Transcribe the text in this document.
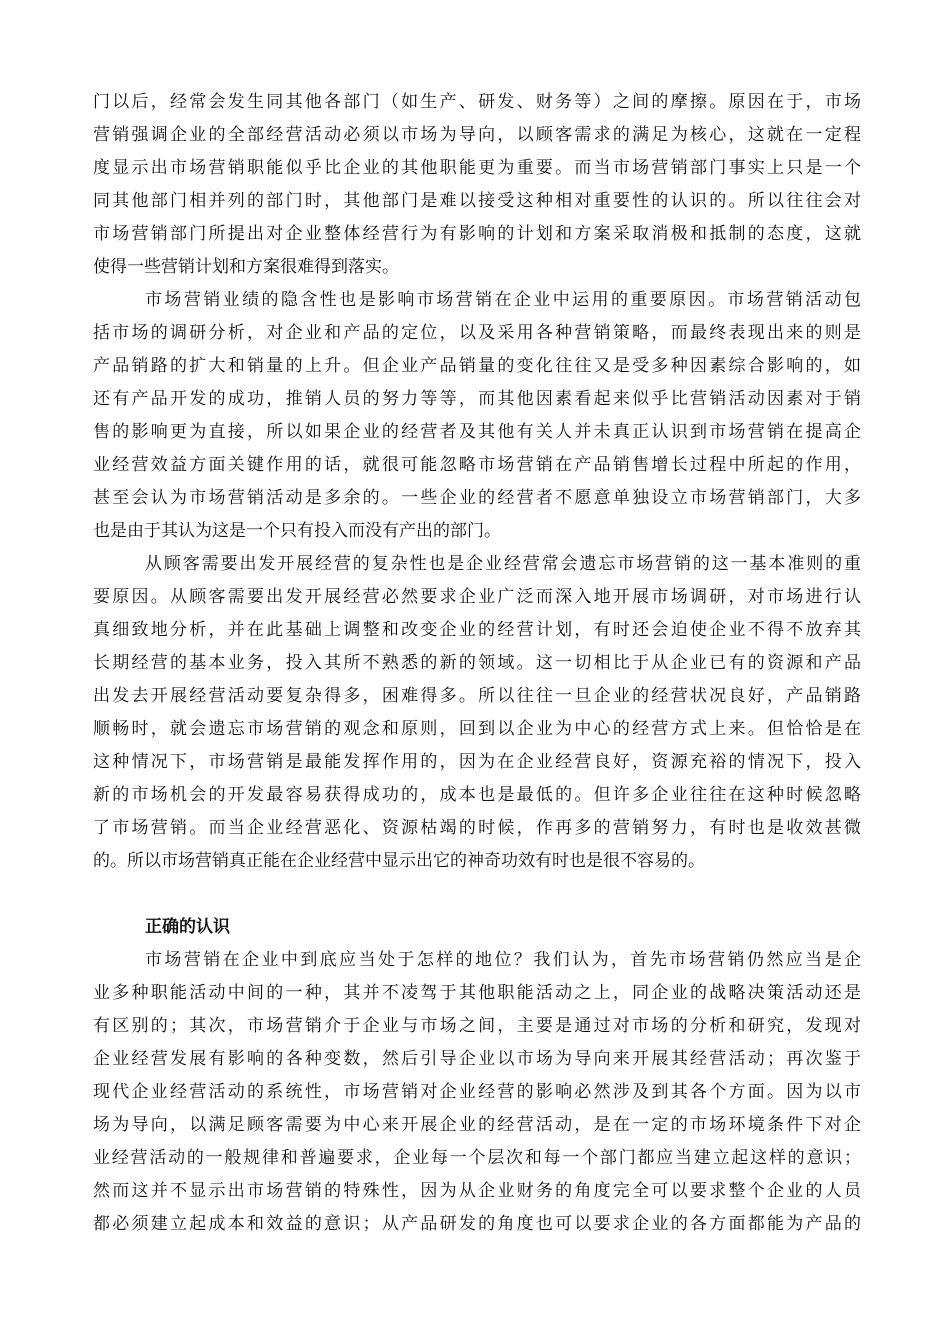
门以后，经常会发生同其他各部门（如生产、研发、财务等）之间的摩擦。原因在于，市场
营销强调企业的全部经营活动必须以市场为导向，以顾客需求的满足为核心，这就在一定程
度显示出市场营销职能似乎比企业的其他职能更为重要。而当市场营销部门事实上只是一个
同其他部门相并列的部门时，其他部门是难以接受这种相对重要性的认识的。所以往往会对
市场营销部门所提出对企业整体经营行为有影响的计划和方案采取消极和抵制的态度，这就
使得一些营销计划和方案很难得到落实。
市场营销业绩的隐含性也是影响市场营销在企业中运用的重要原因。市场营销活动包
括市场的调研分析，对企业和产品的定位，以及采用各种营销策略，而最终表现出来的则是
产品销路的扩大和销量的上升。但企业产品销量的变化往往又是受多种因素综合影响的，如
还有产品开发的成功，推销人员的努力等等，而其他因素看起来似乎比营销活动因素对于销
售的影响更为直接，所以如果企业的经营者及其他有关人并未真正认识到市场营销在提高企
业经营效益方面关键作用的话，就很可能忽略市场营销在产品销售增长过程中所起的作用，
甚至会认为市场营销活动是多余的。一些企业的经营者不愿意单独设立市场营销部门，大多
也是由于其认为这是一个只有投入而没有产出的部门。
从顾客需要出发开展经营的复杂性也是企业经营常会遗忘市场营销的这一基本准则的重
要原因。从顾客需要出发开展经营必然要求企业广泛而深入地开展市场调研，对市场进行认
真细致地分析，并在此基础上调整和改变企业的经营计划，有时还会迫使企业不得不放弃其
长期经营的基本业务，投入其所不熟悉的新的领域。这一切相比于从企业已有的资源和产品
出发去开展经营活动要复杂得多，困难得多。所以往往一旦企业的经营状况良好，产品销路
顺畅时，就会遗忘市场营销的观念和原则，回到以企业为中心的经营方式上来。但恰恰是在
这种情况下，市场营销是最能发挥作用的，因为在企业经营良好，资源充裕的情况下，投入
新的市场机会的开发最容易获得成功的，成本也是最低的。但许多企业往往在这种时候忽略
了市场营销。而当企业经营恶化、资源枯竭的时候，作再多的营销努力，有时也是收效甚微
的。所以市场营销真正能在企业经营中显示出它的神奇功效有时也是很不容易的。
正确的认识
市场营销在企业中到底应当处于怎样的地位？我们认为，首先市场营销仍然应当是企
业多种职能活动中间的一种，其并不凌驾于其他职能活动之上，同企业的战略决策活动还是
有区别的；其次，市场营销介于企业与市场之间，主要是通过对市场的分析和研究，发现对
企业经营发展有影响的各种变数，然后引导企业以市场为导向来开展其经营活动；再次鉴于
现代企业经营活动的系统性，市场营销对企业经营的影响必然涉及到其各个方面。因为以市
场为导向，以满足顾客需要为中心来开展企业的经营活动，是在一定的市场环境条件下对企
业经营活动的一般规律和普遍要求，企业每一个层次和每一个部门都应当建立起这样的意识；
然而这并不显示出市场营销的特殊性，因为从企业财务的角度完全可以要求整个企业的人员
都必须建立起成本和效益的意识；从产品研发的角度也可以要求企业的各方面都能为产品的
